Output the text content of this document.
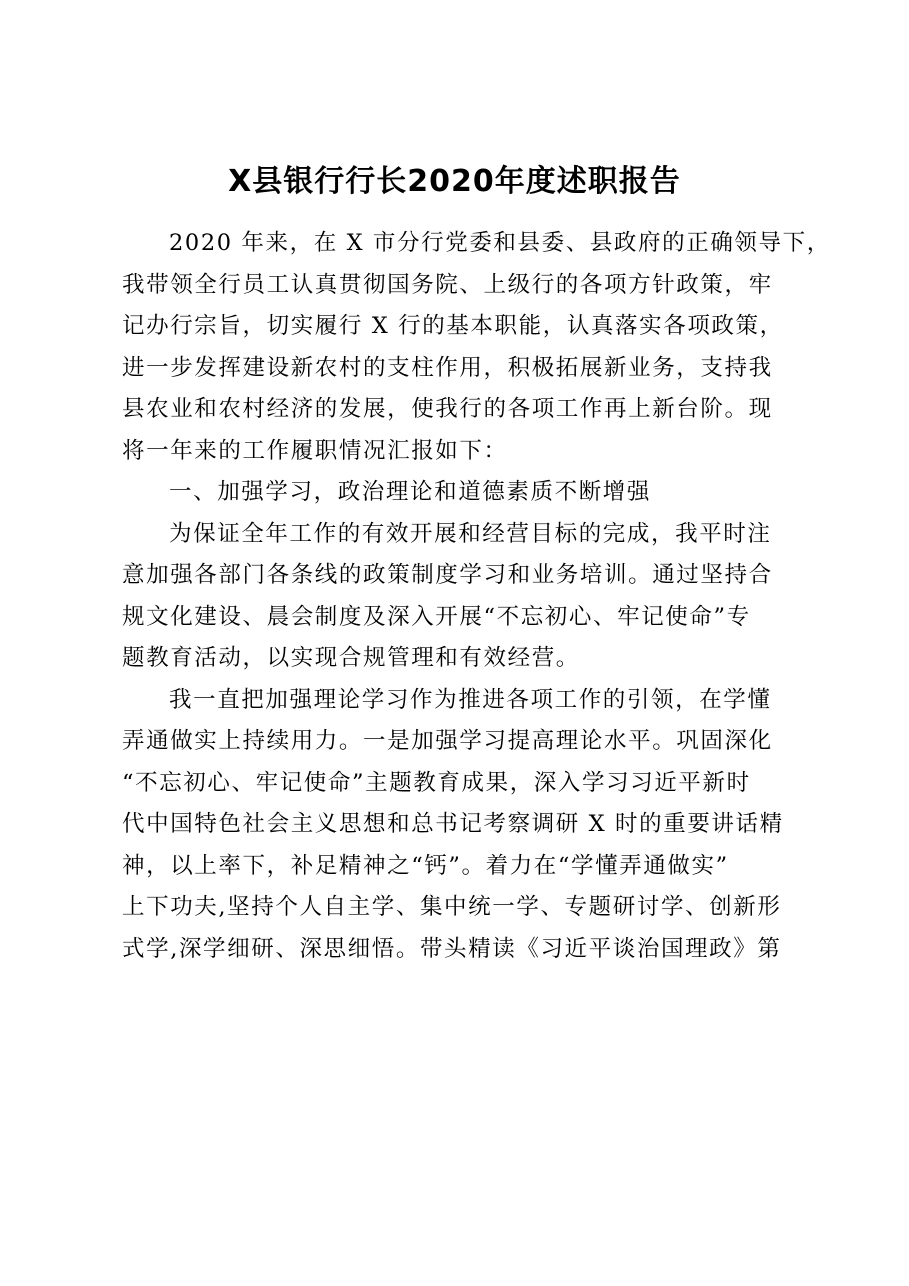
X县银行行长2020年度述职报告
2020 年来，在 X 市分行党委和县委、县政府的正确领导下，
我带领全行员工认真贯彻国务院、上级行的各项方针政策，牢
记办行宗旨，切实履行 X 行的基本职能，认真落实各项政策，
进一步发挥建设新农村的支柱作用，积极拓展新业务，支持我
县农业和农村经济的发展，使我行的各项工作再上新台阶。现
将一年来的工作履职情况汇报如下：
一、加强学习，政治理论和道德素质不断增强
为保证全年工作的有效开展和经营目标的完成，我平时注
意加强各部门各条线的政策制度学习和业务培训。通过坚持合
规文化建设、晨会制度及深入开展“不忘初心、牢记使命”专
题教育活动，以实现合规管理和有效经营。
我一直把加强理论学习作为推进各项工作的引领，在学懂
弄通做实上持续用力。一是加强学习提高理论水平。巩固深化
“不忘初心、牢记使命”主题教育成果，深入学习习近平新时
代中国特色社会主义思想和总书记考察调研 X 时的重要讲话精
神，以上率下，补足精神之“钙”。着力在“学懂弄通做实”
上下功夫,坚持个人自主学、集中统一学、专题研讨学、创新形
式学,深学细研、深思细悟。带头精读《习近平谈治国理政》第
